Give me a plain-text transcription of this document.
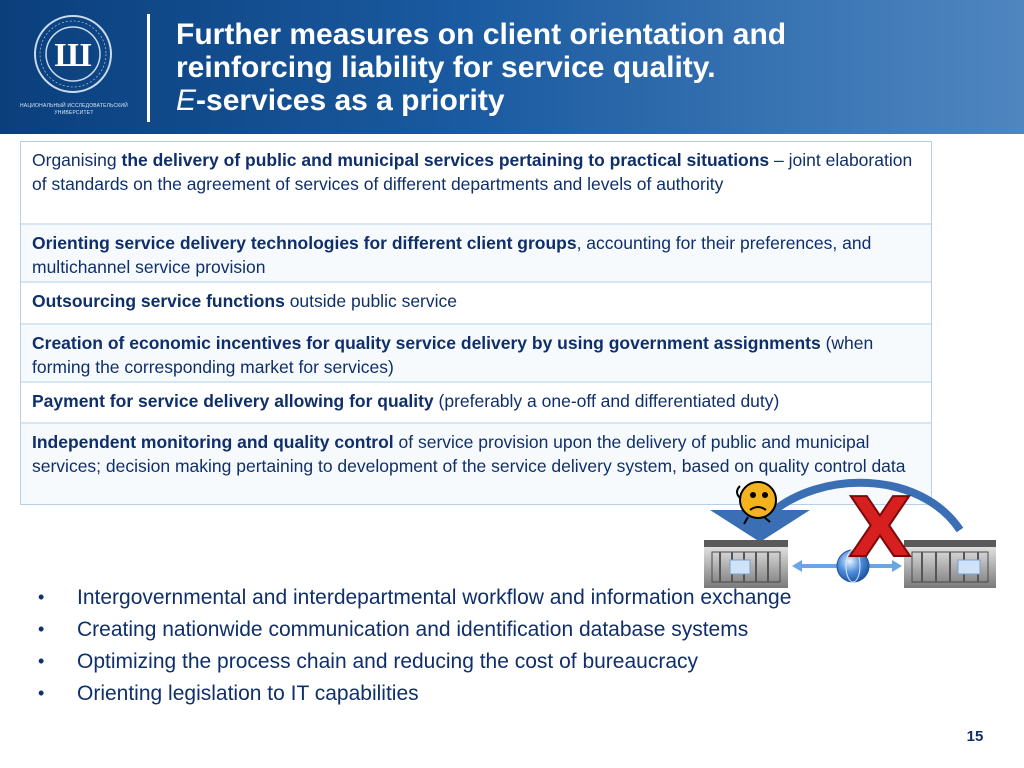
Ш
НАЦИОНАЛЬНЫЙ ИССЛЕДОВАТЕЛЬСКИЙ УНИВЕРСИТЕТ
Further measures on client orientation and
reinforcing liability for service quality.
E-services as a priority
Organising the delivery of public and municipal services pertaining to practical situations – joint elaboration of standards on the agreement of services of different departments and levels of authority
Orienting service delivery technologies for different client groups, accounting for their preferences, and multichannel service provision
Outsourcing service functions outside public service
Creation of economic incentives for quality service delivery by using government assignments (when forming the corresponding market for services)
Payment for service delivery allowing for quality (preferably a one-off and differentiated duty)
Independent monitoring and quality control of service provision upon the delivery of public and municipal services; decision making pertaining to development of the service delivery system, based on quality control data
X
• Intergovernmental and interdepartmental workflow and information exchange
• Creating nationwide communication and identification database systems
• Optimizing the process chain and reducing the cost of bureaucracy
• Orienting legislation to IT capabilities
15
